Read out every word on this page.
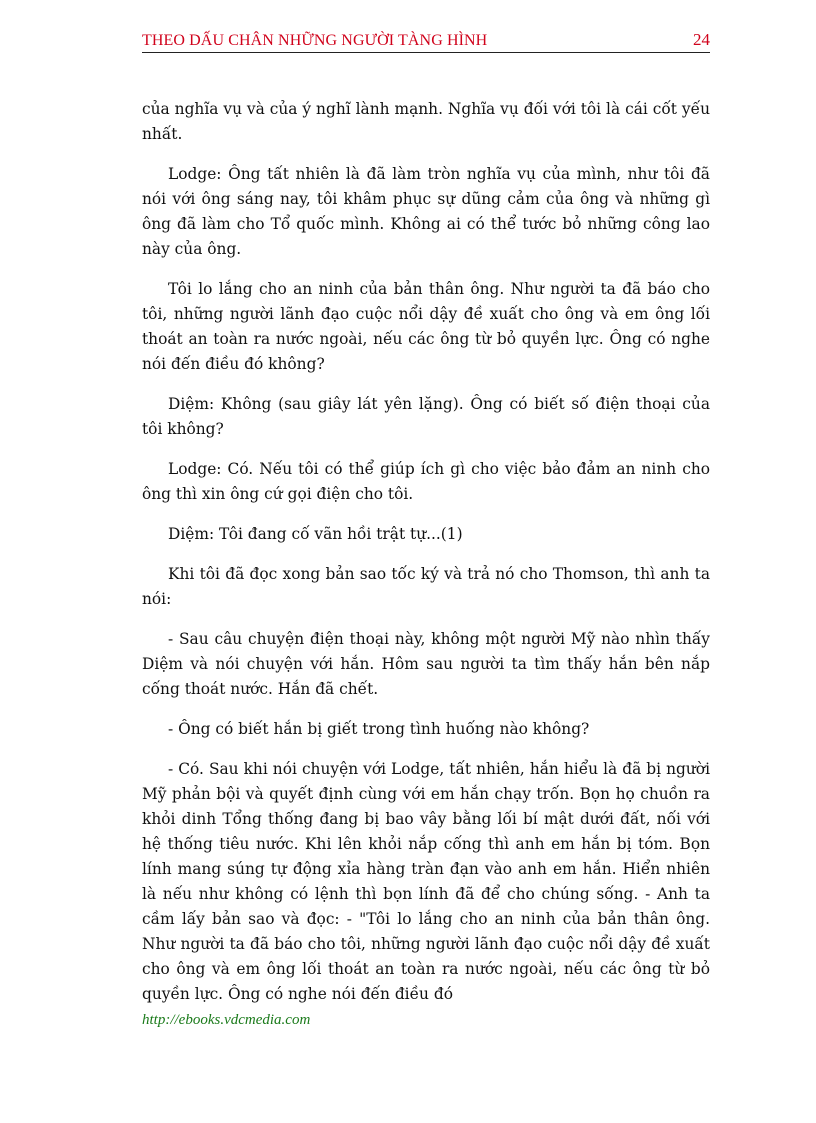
THEO DẤU CHÂN NHỮNG NGƯỜI TÀNG HÌNH	24

của nghĩa vụ và của ý nghĩ lành mạnh. Nghĩa vụ đối với tôi là cái cốt yếu nhất.

Lodge: Ông tất nhiên là đã làm tròn nghĩa vụ của mình, như tôi đã nói với ông sáng nay, tôi khâm phục sự dũng cảm của ông và những gì ông đã làm cho Tổ quốc mình. Không ai có thể tước bỏ những công lao này của ông.

Tôi lo lắng cho an ninh của bản thân ông. Như người ta đã báo cho tôi, những người lãnh đạo cuộc nổi dậy đề xuất cho ông và em ông lối thoát an toàn ra nước ngoài, nếu các ông từ bỏ quyền lực. Ông có nghe nói đến điều đó không?

Diệm: Không (sau giây lát yên lặng). Ông có biết số điện thoại của tôi không?

Lodge: Có. Nếu tôi có thể giúp ích gì cho việc bảo đảm an ninh cho ông thì xin ông cứ gọi điện cho tôi.

Diệm: Tôi đang cố vãn hồi trật tự...(1)

Khi tôi đã đọc xong bản sao tốc ký và trả nó cho Thomson, thì anh ta nói:

- Sau câu chuyện điện thoại này, không một người Mỹ nào nhìn thấy Diệm và nói chuyện với hắn. Hôm sau người ta tìm thấy hắn bên nắp cống thoát nước. Hắn đã chết.

- Ông có biết hắn bị giết trong tình huống nào không?

- Có. Sau khi nói chuyện với Lodge, tất nhiên, hắn hiểu là đã bị người Mỹ phản bội và quyết định cùng với em hắn chạy trốn. Bọn họ chuồn ra khỏi dinh Tổng thống đang bị bao vây bằng lối bí mật dưới đất, nối với hệ thống tiêu nước. Khi lên khỏi nắp cống thì anh em hắn bị tóm. Bọn lính mang súng tự động xỉa hàng tràn đạn vào anh em hắn. Hiển nhiên là nếu như không có lệnh thì bọn lính đã để cho chúng sống. - Anh ta cầm lấy bản sao và đọc: - "Tôi lo lắng cho an ninh của bản thân ông. Như người ta đã báo cho tôi, những người lãnh đạo cuộc nổi dậy đề xuất cho ông và em ông lối thoát an toàn ra nước ngoài, nếu các ông từ bỏ quyền lực. Ông có nghe nói đến điều đó

http://ebooks.vdcmedia.com
